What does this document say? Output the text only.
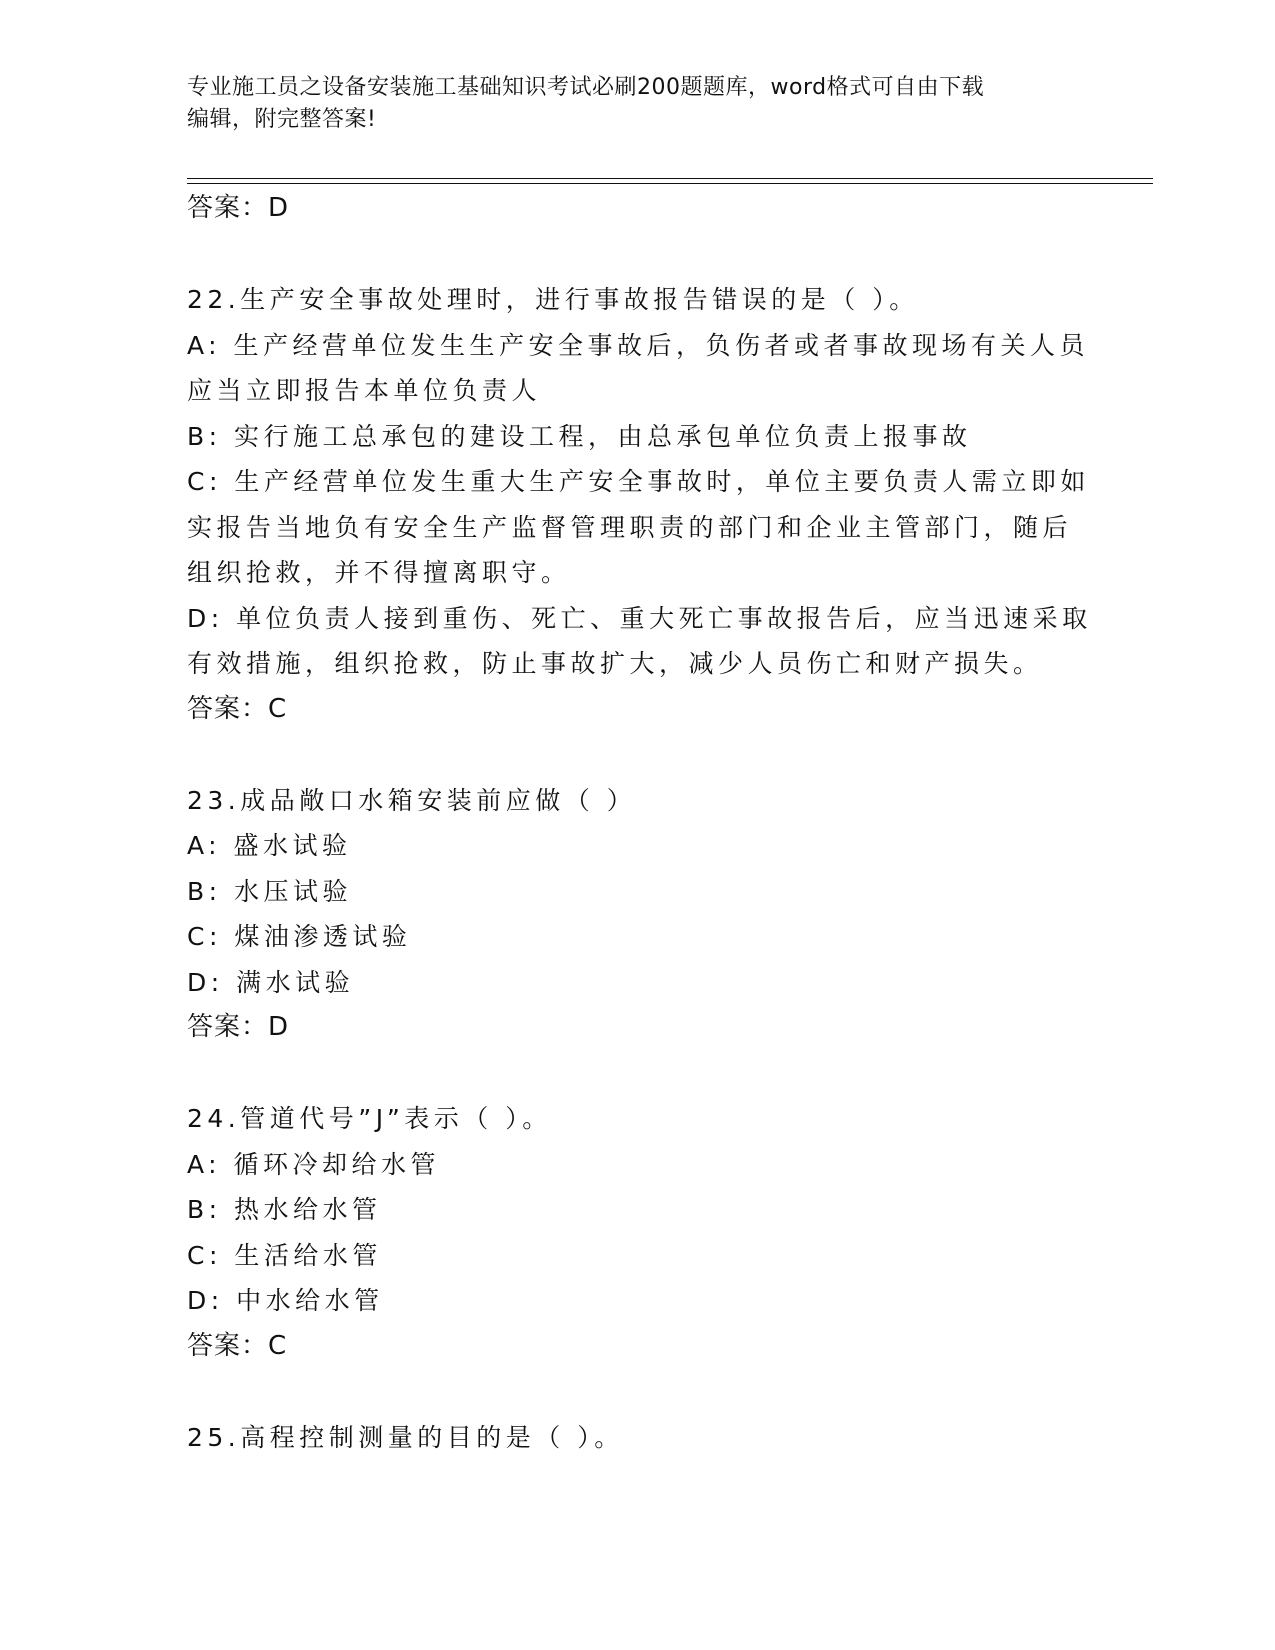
专业施工员之设备安装施工基础知识考试必刷200题题库，word格式可自由下载
编辑，附完整答案!
答案：D
22.生产安全事故处理时，进行事故报告错误的是（ ）。
A: 生产经营单位发生生产安全事故后，负伤者或者事故现场有关人员
应当立即报告本单位负责人
B: 实行施工总承包的建设工程，由总承包单位负责上报事故
C: 生产经营单位发生重大生产安全事故时，单位主要负责人需立即如
实报告当地负有安全生产监督管理职责的部门和企业主管部门，随后
组织抢救，并不得擅离职守。
D: 单位负责人接到重伤、死亡、重大死亡事故报告后，应当迅速采取
有效措施，组织抢救，防止事故扩大，减少人员伤亡和财产损失。
答案：C
23.成品敞口水箱安装前应做（ ）
A: 盛水试验
B: 水压试验
C: 煤油渗透试验
D: 满水试验
答案：D
24.管道代号”J”表示（ ）。
A: 循环冷却给水管
B: 热水给水管
C: 生活给水管
D: 中水给水管
答案：C
25.高程控制测量的目的是（ ）。
